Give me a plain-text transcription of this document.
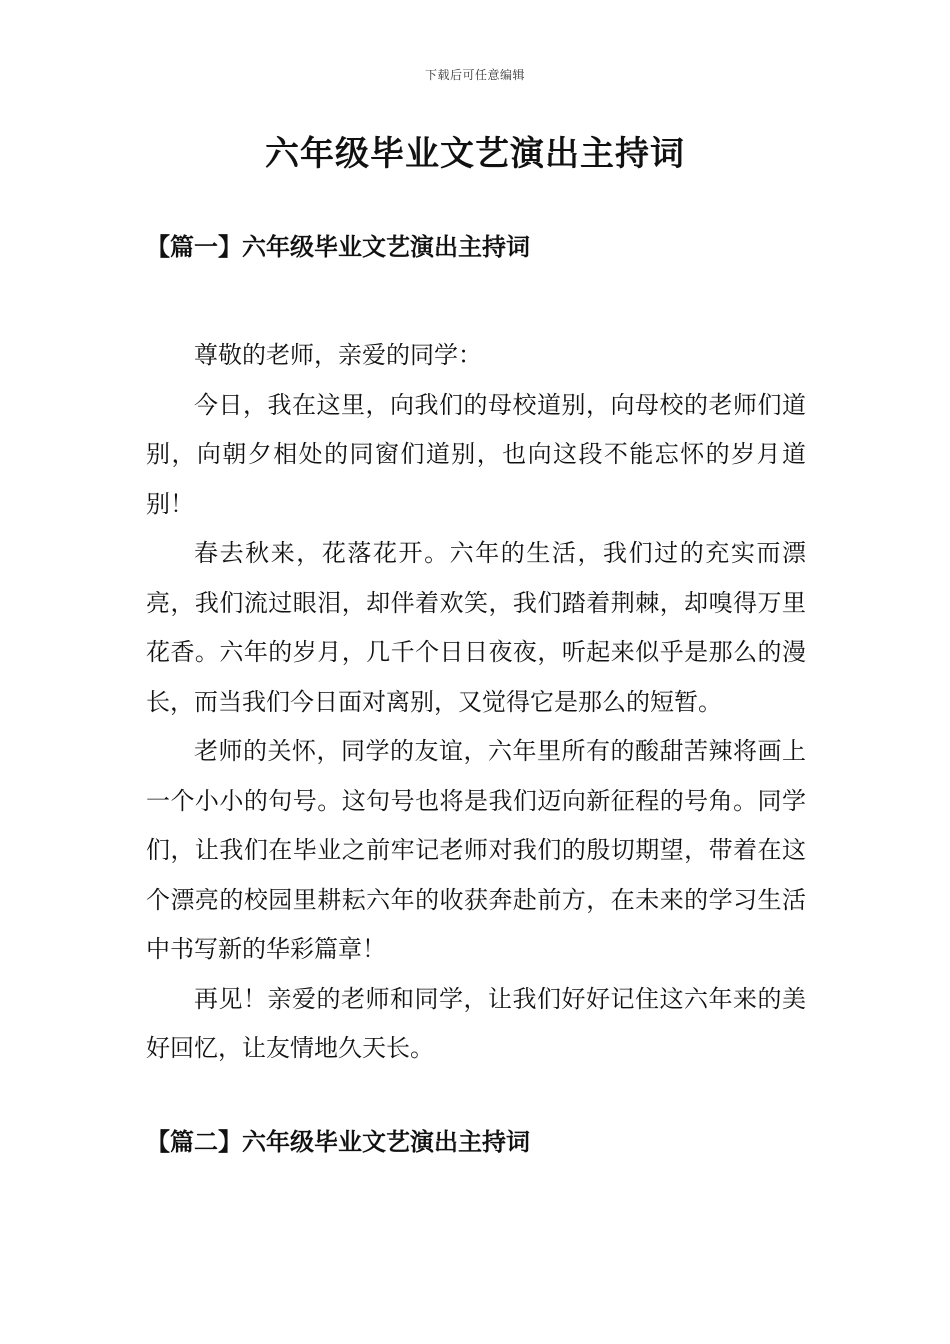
下载后可任意编辑
六年级毕业文艺演出主持词
【篇一】六年级毕业文艺演出主持词

尊敬的老师，亲爱的同学：

今日，我在这里，向我们的母校道别，向母校的老师们道别，向朝夕相处的同窗们道别，也向这段不能忘怀的岁月道别！

春去秋来，花落花开。六年的生活，我们过的充实而漂亮，我们流过眼泪，却伴着欢笑，我们踏着荆棘，却嗅得万里花香。六年的岁月，几千个日日夜夜，听起来似乎是那么的漫长，而当我们今日面对离别，又觉得它是那么的短暂。

老师的关怀，同学的友谊，六年里所有的酸甜苦辣将画上一个小小的句号。这句号也将是我们迈向新征程的号角。同学们，让我们在毕业之前牢记老师对我们的殷切期望，带着在这个漂亮的校园里耕耘六年的收获奔赴前方，在未来的学习生活中书写新的华彩篇章！

再见！亲爱的老师和同学，让我们好好记住这六年来的美好回忆，让友情地久天长。

【篇二】六年级毕业文艺演出主持词
